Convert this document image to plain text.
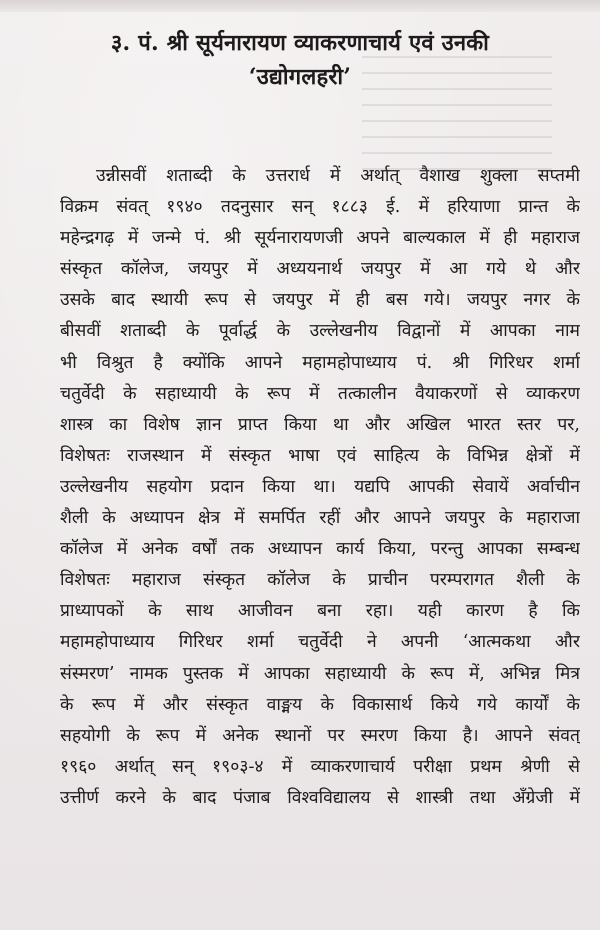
३. पं. श्री सूर्यनारायण व्याकरणाचार्य एवं उनकी
‘उद्योगलहरी’
उन्नीसवीं शताब्दी के उत्तरार्ध में अर्थात् वैशाख शुक्ला सप्तमी
विक्रम संवत् १९४० तदनुसार सन् १८८३ ई. में हरियाणा प्रान्त के
महेन्द्रगढ़ में जन्मे पं. श्री सूर्यनारायणजी अपने बाल्यकाल में ही महाराज
संस्कृत कॉलेज, जयपुर में अध्ययनार्थ जयपुर में आ गये थे और
उसके बाद स्थायी रूप से जयपुर में ही बस गये। जयपुर नगर के
बीसवीं शताब्दी के पूर्वार्द्ध के उल्लेखनीय विद्वानों में आपका नाम
भी विश्रुत है क्योंकि आपने महामहोपाध्याय पं. श्री गिरिधर शर्मा
चतुर्वेदी के सहाध्यायी के रूप में तत्कालीन वैयाकरणों से व्याकरण
शास्त्र का विशेष ज्ञान प्राप्त किया था और अखिल भारत स्तर पर,
विशेषतः राजस्थान में संस्कृत भाषा एवं साहित्य के विभिन्न क्षेत्रों में
उल्लेखनीय सहयोग प्रदान किया था। यद्यपि आपकी सेवायें अर्वाचीन
शैली के अध्यापन क्षेत्र में समर्पित रहीं और आपने जयपुर के महाराजा
कॉलेज में अनेक वर्षों तक अध्यापन कार्य किया, परन्तु आपका सम्बन्ध
विशेषतः महाराज संस्कृत कॉलेज के प्राचीन परम्परागत शैली के
प्राध्यापकों के साथ आजीवन बना रहा। यही कारण है कि
महामहोपाध्याय गिरिधर शर्मा चतुर्वेदी ने अपनी ‘आत्मकथा और
संस्मरण’ नामक पुस्तक में आपका सहाध्यायी के रूप में, अभिन्न मित्र
के रूप में और संस्कृत वाङ्मय के विकासार्थ किये गये कार्यों के
सहयोगी के रूप में अनेक स्थानों पर स्मरण किया है। आपने संवत्
१९६० अर्थात् सन् १९०३-४ में व्याकरणाचार्य परीक्षा प्रथम श्रेणी से
उत्तीर्ण करने के बाद पंजाब विश्वविद्यालय से शास्त्री तथा अँग्रेजी में
